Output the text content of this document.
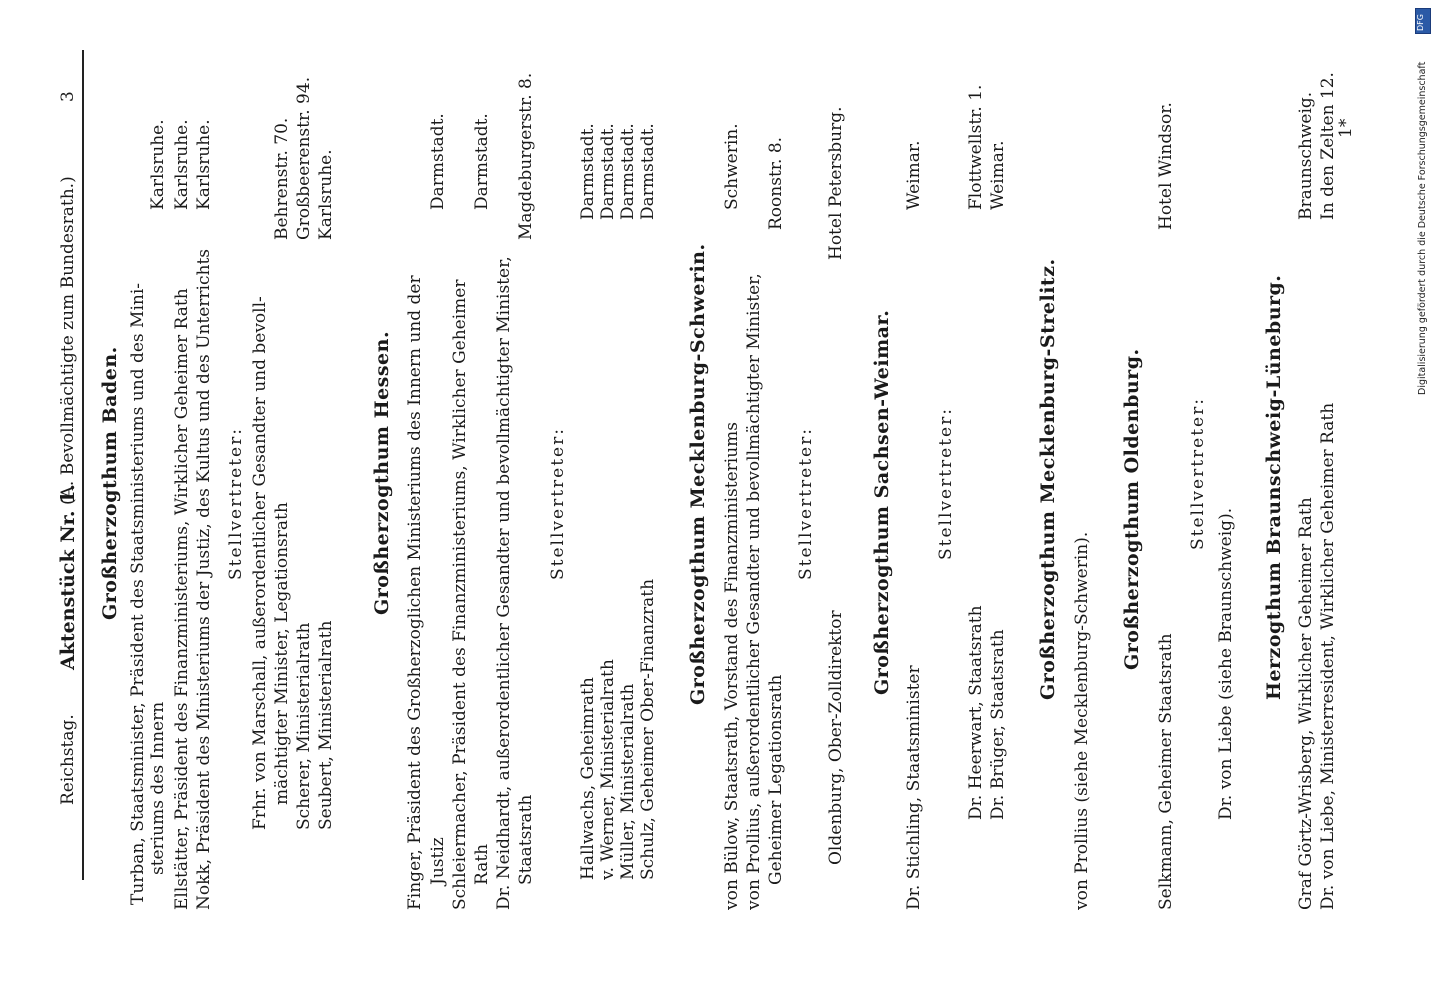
Reichstag.
Aktenstück Nr. 1.
(A. Bevollmächtigte zum Bundesrath.)
3
Großherzogthum Baden. Turban, Staatsminister, Präsident des Staatsministeriums und des Mini-
Karlsruhe.
steriums des Innern Ellstätter, Präsident des Finanzministeriums, Wirklicher Geheimer Rath
Karlsruhe.
Nokk, Präsident des Ministeriums der Justiz, des Kultus und des Unterrichts
Karlsruhe.
Stellvertreter: Frhr. von Marschall, außerordentlicher Gesandter und bevoll- mächtigter Minister, Legationsrath
Behrenstr. 70.
Scherer, Ministerialrath
Großbeerenstr. 94.
Seubert, Ministerialrath
Karlsruhe.
Großherzogthum Hessen. Finger, Präsident des Großherzoglichen Ministeriums des Innern und der Justiz
Darmstadt.
Schleiermacher, Präsident des Finanzministeriums, Wirklicher Geheimer Rath
Darmstadt.
Dr. Neidhardt, außerordentlicher Gesandter und bevollmächtigter Minister, Staatsrath
Magdeburgerstr. 8.
Stellvertreter:
Hallwachs, Geheimrath
Darmstadt.
v. Werner, Ministerialrath
Darmstadt.
Müller, Ministerialrath
Darmstadt.
Schulz, Geheimer Ober-Finanzrath
Darmstadt.
Großherzogthum Mecklenburg-Schwerin. von Bülow, Staatsrath, Vorstand des Finanzministeriums
Schwerin.
von Prollius, außerordentlicher Gesandter und bevollmächtigter Minister, Geheimer Legationsrath
Roonstr. 8.
Stellvertreter:
Oldenburg, Ober-Zolldirektor
Hotel Petersburg.
Großherzogthum Sachsen-Weimar.
Dr. Stichling, Staatsminister
Weimar.
Stellvertreter:
Dr. Heerwart, Staatsrath
Flottwellstr. 1.
Dr. Brüger, Staatsrath
Weimar.
Großherzogthum Mecklenburg-Strelitz.
von Prollius (siehe Mecklenburg-Schwerin).
Großherzogthum Oldenburg.
Selkmann, Geheimer Staatsrath
Hotel Windsor.
Stellvertreter:
Dr. von Liebe (siehe Braunschweig). Herzogthum Braunschweig-Lüneburg.
Graf Görtz-Wrisberg, Wirklicher Geheimer Rath
Braunschweig.
Dr. von Liebe, Ministerresident, Wirklicher Geheimer Rath
In den Zelten 12.
1*
DFG
Digitalisierung gefördert durch die Deutsche Forschungsgemeinschaft
